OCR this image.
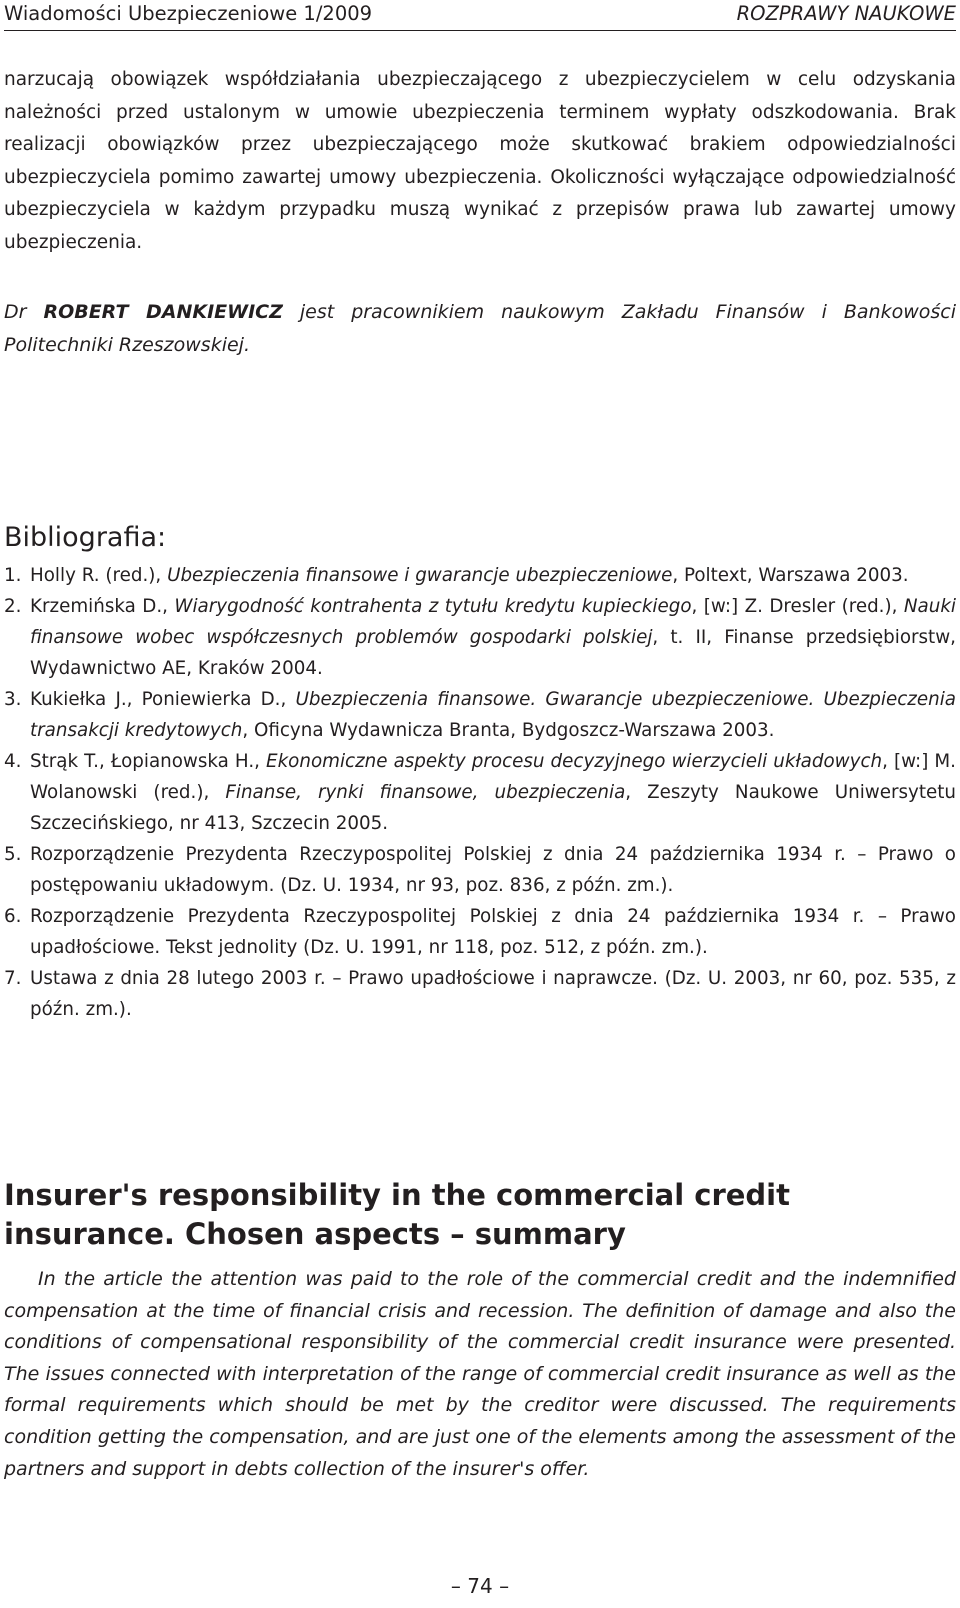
Wiadomości Ubezpieczeniowe 1/2009	ROZPRAWY NAUKOWE

narzucają obowiązek współdziałania ubezpieczającego z ubezpieczycielem w celu odzyskania należności przed ustalonym w umowie ubezpieczenia terminem wypłaty odszkodowania. Brak realizacji obowiązków przez ubezpieczającego może skutkować brakiem odpowiedzialności ubezpieczyciela pomimo zawartej umowy ubezpieczenia. Okoliczności wyłączające odpowiedzialność ubezpieczyciela w każdym przypadku muszą wynikać z przepisów prawa lub zawartej umowy ubezpieczenia.

Dr ROBERT DANKIEWICZ jest pracownikiem naukowym Zakładu Finansów i Bankowości Politechniki Rzeszowskiej.

Bibliografia:
1. Holly R. (red.), Ubezpieczenia finansowe i gwarancje ubezpieczeniowe, Poltext, Warszawa 2003.
2. Krzemińska D., Wiarygodność kontrahenta z tytułu kredytu kupieckiego, [w:] Z. Dresler (red.), Nauki finansowe wobec współczesnych problemów gospodarki polskiej, t. II, Finanse przedsiębiorstw, Wydawnictwo AE, Kraków 2004.
3. Kukiełka J., Poniewierka D., Ubezpieczenia finansowe. Gwarancje ubezpieczeniowe. Ubezpieczenia transakcji kredytowych, Oficyna Wydawnicza Branta, Bydgoszcz-Warszawa 2003.
4. Strąk T., Łopianowska H., Ekonomiczne aspekty procesu decyzyjnego wierzycieli układowych, [w:] M. Wolanowski (red.), Finanse, rynki finansowe, ubezpieczenia, Zeszyty Naukowe Uniwersytetu Szczecińskiego, nr 413, Szczecin 2005.
5. Rozporządzenie Prezydenta Rzeczypospolitej Polskiej z dnia 24 października 1934 r. – Prawo o postępowaniu układowym. (Dz. U. 1934, nr 93, poz. 836, z późn. zm.).
6. Rozporządzenie Prezydenta Rzeczypospolitej Polskiej z dnia 24 października 1934 r. – Prawo upadłościowe. Tekst jednolity (Dz. U. 1991, nr 118, poz. 512, z późn. zm.).
7. Ustawa z dnia 28 lutego 2003 r. – Prawo upadłościowe i naprawcze. (Dz. U. 2003, nr 60, poz. 535, z późn. zm.).
Insurer's responsibility in the commercial credit insurance. Chosen aspects – summary

In the article the attention was paid to the role of the commercial credit and the indemnified compensation at the time of financial crisis and recession. The definition of damage and also the conditions of compensational responsibility of the commercial credit insurance were presented. The issues connected with interpretation of the range of commercial credit insurance as well as the formal requirements which should be met by the creditor were discussed. The requirements condition getting the compensation, and are just one of the elements among the assessment of the partners and support in debts collection of the insurer's offer.

– 74 –
